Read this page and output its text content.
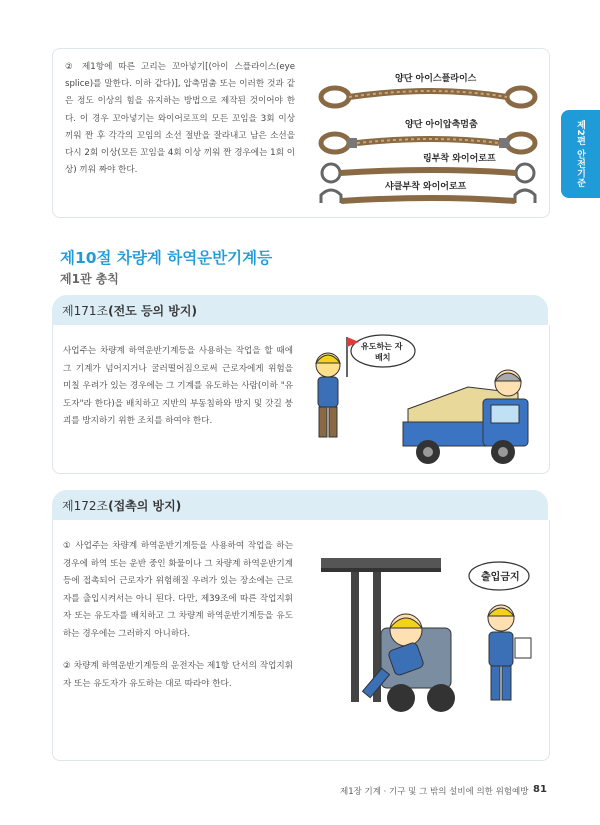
② 제1항에 따른 고리는 꼬아넣기[(아이 스플라이스(eye splice)를 말한다. 이하 같다)], 압축멈춤 또는 이러한 것과 같은 정도 이상의 힘을 유지하는 방법으로 제작된 것이어야 한다. 이 경우 꼬아넣기는 와이어로프의 모든 꼬임을 3회 이상 끼워 짠 후 각각의 꼬임의 소선 절반을 잘라내고 남은 소선을 다시 2회 이상(모든 꼬임을 4회 이상 끼워 짠 경우에는 1회 이상) 끼워 짜야 한다.
양단 아이스플라이스
양단 아이압축멈춤
링부착 와이어로프
샤클부착 와이어로프	제2편 안전기준
제10절 차량계 하역운반기계등
제1관 총칙
제171조(전도 등의 방지)
사업주는 차량계 하역운반기계등을 사용하는 작업을 할 때에 그 기계가 넘어지거나 굴러떨어짐으로써 근로자에게 위험을 미칠 우려가 있는 경우에는 그 기계를 유도하는 사람(이하 "유도자"라 한다)을 배치하고 지반의 부동침하와 방지 및 갓길 붕괴를 방지하기 위한 조치를 하여야 한다.
유도하는 자
배치
제172조(접촉의 방지)
① 사업주는 차량계 하역운반기계등을 사용하여 작업을 하는 경우에 하역 또는 운반 중인 화물이나 그 차량계 하역운반기계등에 접촉되어 근로자가 위험해질 우려가 있는 장소에는 근로자를 출입시켜서는 아니 된다. 다만, 제39조에 따른 작업지휘자 또는 유도자를 배치하고 그 차량계 하역운반기계등을 유도하는 경우에는 그러하지 아니하다.
② 차량계 하역운반기계등의 운전자는 제1항 단서의 작업지휘자 또는 유도자가 유도하는 대로 따라야 한다.
출입금지
제1장 기계 · 기구 및 그 밖의 설비에 의한 위험예방 81
